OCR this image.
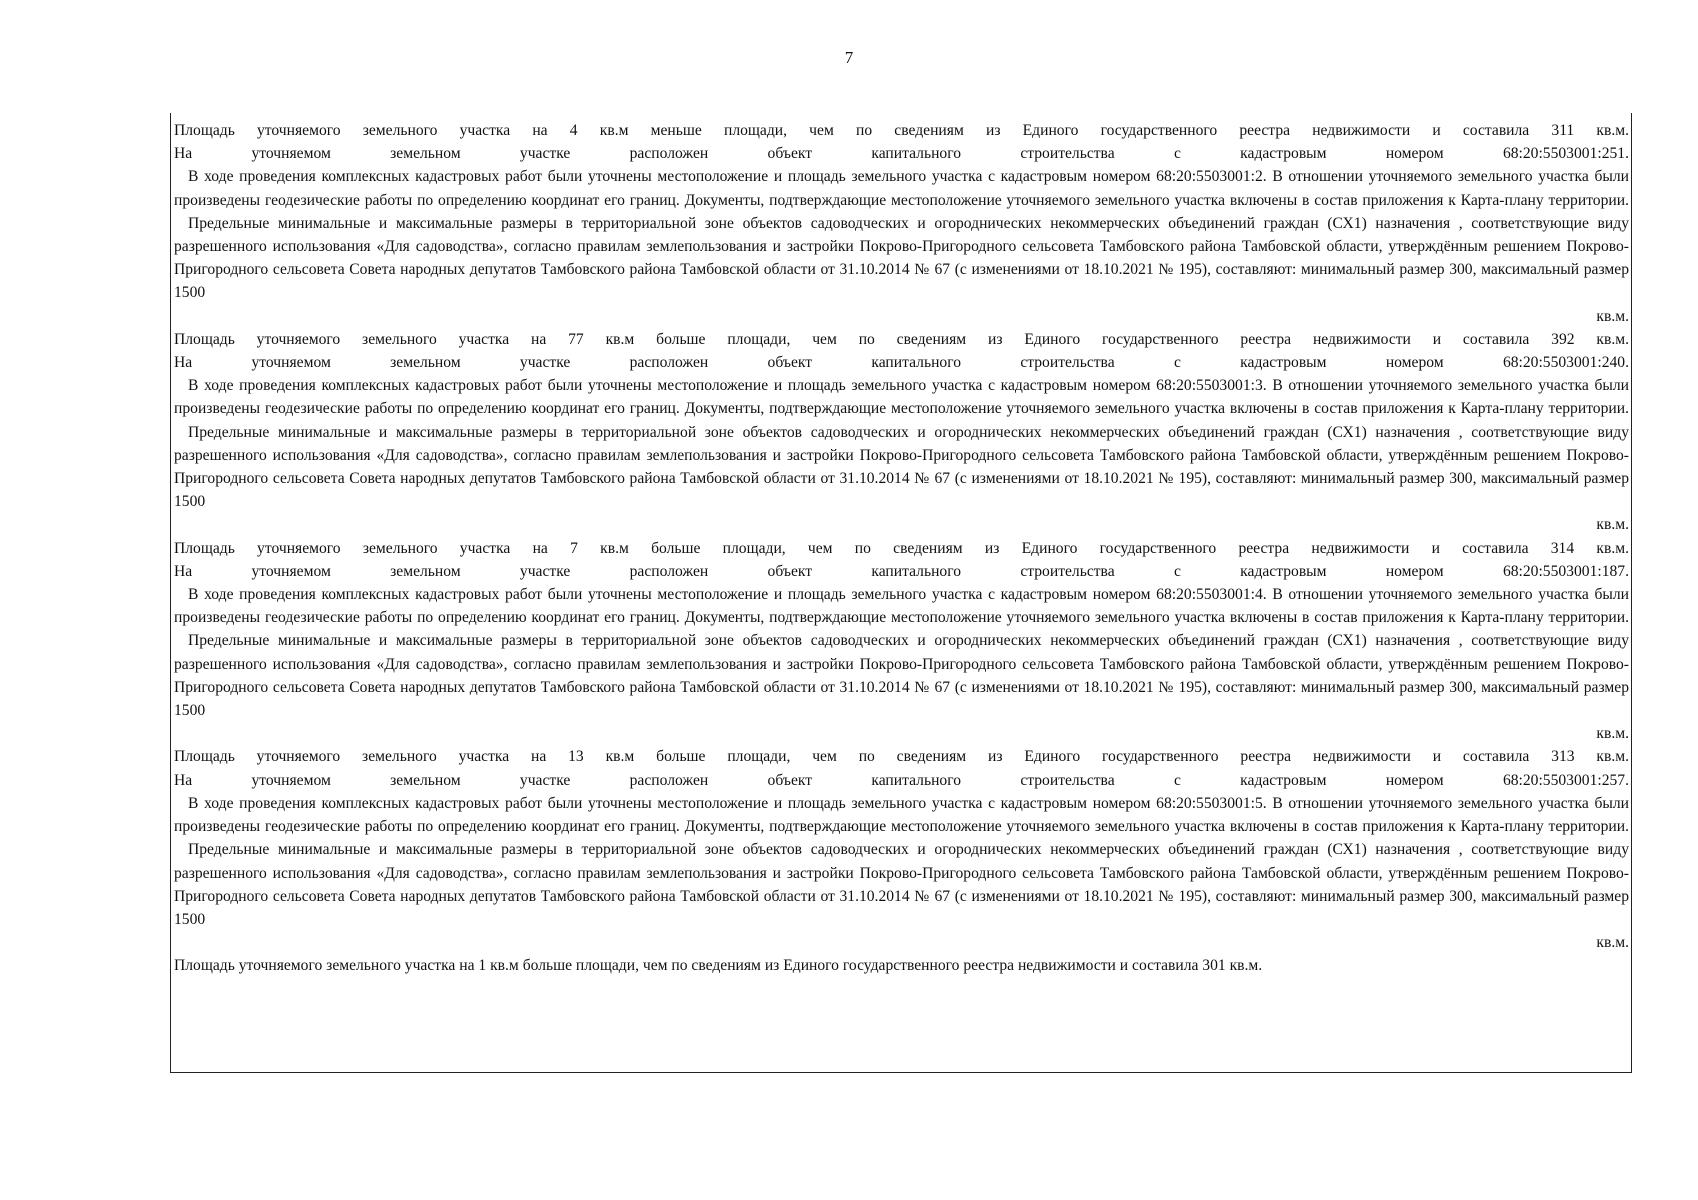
7

Площадь уточняемого земельного участка на 4 кв.м меньше площади, чем по сведениям из Единого государственного реестра недвижимости и составила 311 кв.м.

На уточняемом земельном участке расположен объект капитального строительства с кадастровым номером 68:20:5503001:251.

В ходе проведения комплексных кадастровых работ были уточнены местоположение и площадь земельного участка с кадастровым номером 68:20:5503001:2. В отношении уточняемого земельного участка были произведены геодезические работы по определению координат его границ. Документы, подтверждающие местоположение уточняемого земельного участка включены в состав приложения к Карта-плану территории.

Предельные минимальные и максимальные размеры в территориальной зоне объектов садоводческих и огороднических некоммерческих объединений граждан (СХ1) назначения , соответствующие виду разрешенного использования «Для садоводства», согласно правилам землепользования и застройки Покрово-Пригородного сельсовета Тамбовского района Тамбовской области, утверждённым решением Покрово-Пригородного сельсовета Совета народных депутатов Тамбовского района Тамбовской области от 31.10.2014 № 67 (с изменениями от 18.10.2021 № 195), составляют: минимальный размер 300, максимальный размер 1500

кв.м.

Площадь уточняемого земельного участка на 77 кв.м больше площади, чем по сведениям из Единого государственного реестра недвижимости и составила 392 кв.м.

На уточняемом земельном участке расположен объект капитального строительства с кадастровым номером 68:20:5503001:240.

В ходе проведения комплексных кадастровых работ были уточнены местоположение и площадь земельного участка с кадастровым номером 68:20:5503001:3. В отношении уточняемого земельного участка были произведены геодезические работы по определению координат его границ. Документы, подтверждающие местоположение уточняемого земельного участка включены в состав приложения к Карта-плану территории.

Предельные минимальные и максимальные размеры в территориальной зоне объектов садоводческих и огороднических некоммерческих объединений граждан (СХ1) назначения , соответствующие виду разрешенного использования «Для садоводства», согласно правилам землепользования и застройки Покрово-Пригородного сельсовета Тамбовского района Тамбовской области, утверждённым решением Покрово-Пригородного сельсовета Совета народных депутатов Тамбовского района Тамбовской области от 31.10.2014 № 67 (с изменениями от 18.10.2021 № 195), составляют: минимальный размер 300, максимальный размер 1500

кв.м.

Площадь уточняемого земельного участка на 7 кв.м больше площади, чем по сведениям из Единого государственного реестра недвижимости и составила 314 кв.м.

На уточняемом земельном участке расположен объект капитального строительства с кадастровым номером 68:20:5503001:187.

В ходе проведения комплексных кадастровых работ были уточнены местоположение и площадь земельного участка с кадастровым номером 68:20:5503001:4. В отношении уточняемого земельного участка были произведены геодезические работы по определению координат его границ. Документы, подтверждающие местоположение уточняемого земельного участка включены в состав приложения к Карта-плану территории.

Предельные минимальные и максимальные размеры в территориальной зоне объектов садоводческих и огороднических некоммерческих объединений граждан (СХ1) назначения , соответствующие виду разрешенного использования «Для садоводства», согласно правилам землепользования и застройки Покрово-Пригородного сельсовета Тамбовского района Тамбовской области, утверждённым решением Покрово-Пригородного сельсовета Совета народных депутатов Тамбовского района Тамбовской области от 31.10.2014 № 67 (с изменениями от 18.10.2021 № 195), составляют: минимальный размер 300, максимальный размер 1500

кв.м.

Площадь уточняемого земельного участка на 13 кв.м больше площади, чем по сведениям из Единого государственного реестра недвижимости и составила 313 кв.м.

На уточняемом земельном участке расположен объект капитального строительства с кадастровым номером 68:20:5503001:257.

В ходе проведения комплексных кадастровых работ были уточнены местоположение и площадь земельного участка с кадастровым номером 68:20:5503001:5. В отношении уточняемого земельного участка были произведены геодезические работы по определению координат его границ. Документы, подтверждающие местоположение уточняемого земельного участка включены в состав приложения к Карта-плану территории.

Предельные минимальные и максимальные размеры в территориальной зоне объектов садоводческих и огороднических некоммерческих объединений граждан (СХ1) назначения , соответствующие виду разрешенного использования «Для садоводства», согласно правилам землепользования и застройки Покрово-Пригородного сельсовета Тамбовского района Тамбовской области, утверждённым решением Покрово-Пригородного сельсовета Совета народных депутатов Тамбовского района Тамбовской области от 31.10.2014 № 67 (с изменениями от 18.10.2021 № 195), составляют: минимальный размер 300, максимальный размер 1500

кв.м.

Площадь уточняемого земельного участка на 1 кв.м больше площади, чем по сведениям из Единого государственного реестра недвижимости и составила 301 кв.м.
